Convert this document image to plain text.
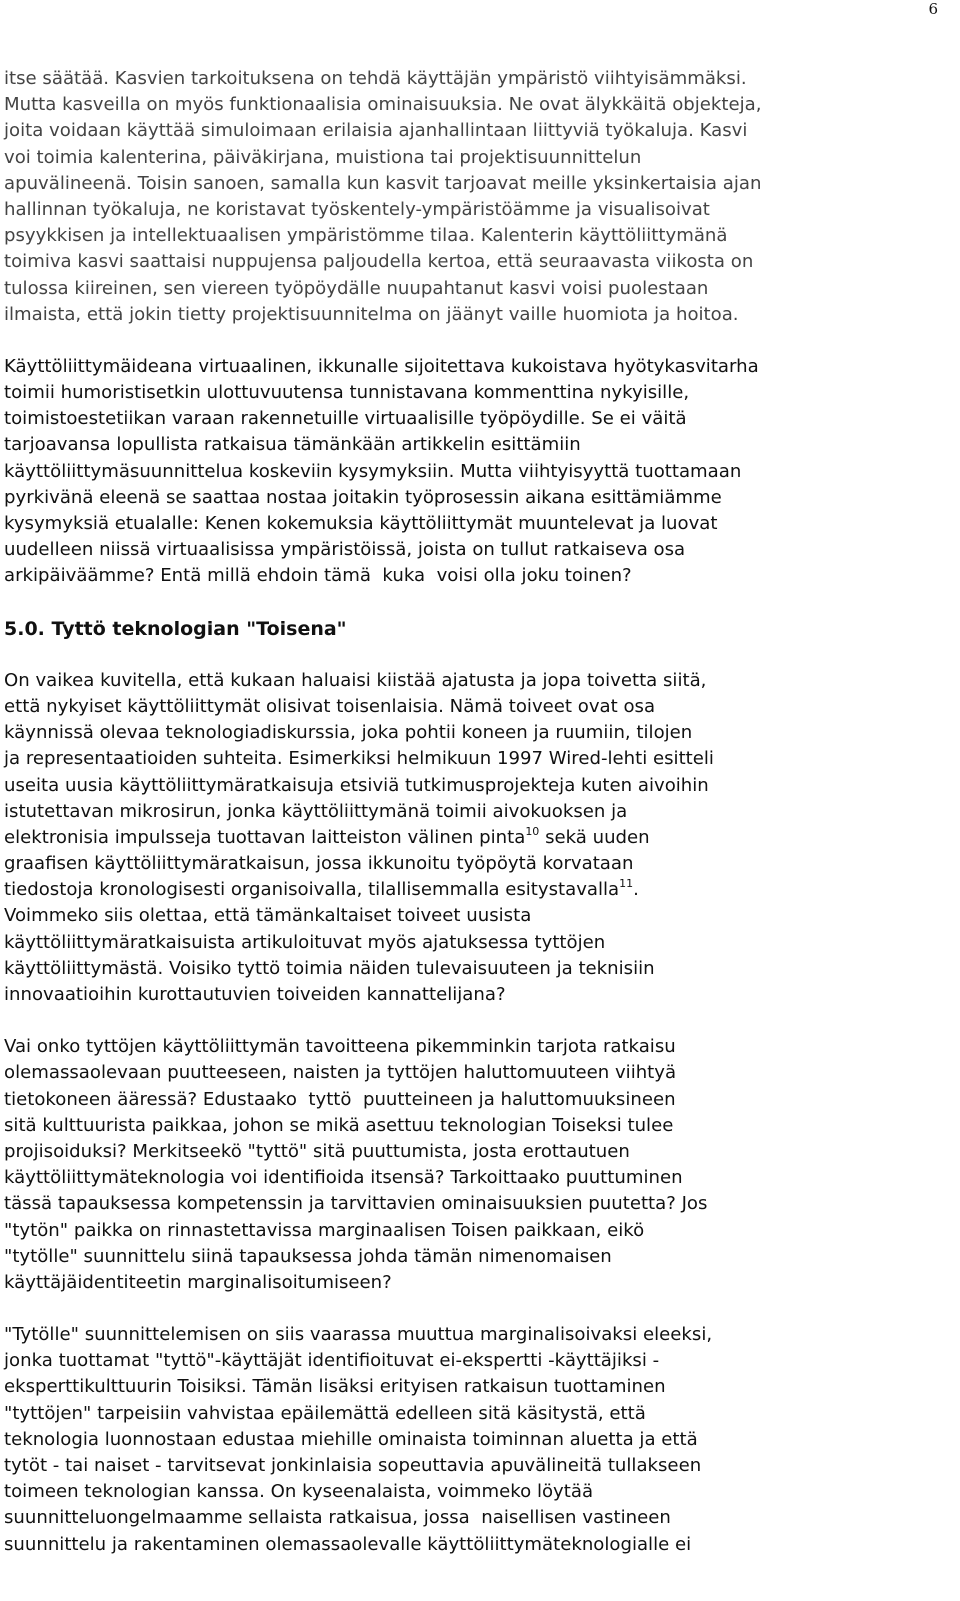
6
itse säätää. Kasvien tarkoituksena on tehdä käyttäjän ympäristö viihtyisämmäksi.
Mutta kasveilla on myös funktionaalisia ominaisuuksia. Ne ovat älykkäitä objekteja,
joita voidaan käyttää simuloimaan erilaisia ajanhallintaan liittyviä työkaluja. Kasvi
voi toimia kalenterina, päiväkirjana, muistiona tai projektisuunnittelun
apuvälineenä. Toisin sanoen, samalla kun kasvit tarjoavat meille yksinkertaisia ajan
hallinnan työkaluja, ne koristavat työskentely-ympäristöämme ja visualisoivat
psyykkisen ja intellektuaalisen ympäristömme tilaa. Kalenterin käyttöliittymänä
toimiva kasvi saattaisi nuppujensa paljoudella kertoa, että seuraavasta viikosta on
tulossa kiireinen, sen viereen työpöydälle nuupahtanut kasvi voisi puolestaan
ilmaista, että jokin tietty projektisuunnitelma on jäänyt vaille huomiota ja hoitoa.
Käyttöliittymäideana virtuaalinen, ikkunalle sijoitettava kukoistava hyötykasvitarha
toimii humoristisetkin ulottuvuutensa tunnistavana kommenttina nykyisille,
toimistoestetiikan varaan rakennetuille virtuaalisille työpöydille. Se ei väitä
tarjoavansa lopullista ratkaisua tämänkään artikkelin esittämiin
käyttöliittymäsuunnittelua koskeviin kysymyksiin. Mutta viihtyisyyttä tuottamaan
pyrkivänä eleenä se saattaa nostaa joitakin työprosessin aikana esittämiämme
kysymyksiä etualalle: Kenen kokemuksia käyttöliittymät muuntelevat ja luovat
uudelleen niissä virtuaalisissa ympäristöissä, joista on tullut ratkaiseva osa
arkipäiväämme? Entä millä ehdoin tämä  kuka  voisi olla joku toinen?
5.0. Tyttö teknologian "Toisena"
On vaikea kuvitella, että kukaan haluaisi kiistää ajatusta ja jopa toivetta siitä,
että nykyiset käyttöliittymät olisivat toisenlaisia. Nämä toiveet ovat osa
käynnissä olevaa teknologiadiskurssia, joka pohtii koneen ja ruumiin, tilojen
ja representaatioiden suhteita. Esimerkiksi helmikuun 1997 Wired-lehti esitteli
useita uusia käyttöliittymäratkaisuja etsiviä tutkimusprojekteja kuten aivoihin
istutettavan mikrosirun, jonka käyttöliittymänä toimii aivokuoksen ja
elektronisia impulsseja tuottavan laitteiston välinen pinta$^{10}$ sekä uuden
graafisen käyttöliittymäratkaisun, jossa ikkunoitu työpöytä korvataan
tiedostoja kronologisesti organisoivalla, tilallisemmalla esitystavalla$^{11}$.
Voimmeko siis olettaa, että tämänkaltaiset toiveet uusista
käyttöliittymäratkaisuista artikuloituvat myös ajatuksessa tyttöjen
käyttöliittymästä. Voisiko tyttö toimia näiden tulevaisuuteen ja teknisiin
innovaatioihin kurottautuvien toiveiden kannattelijana?
Vai onko tyttöjen käyttöliittymän tavoitteena pikemminkin tarjota ratkaisu
olemassaolevaan puutteeseen, naisten ja tyttöjen haluttomuuteen viihtyä
tietokoneen ääressä? Edustaako  tyttö  puutteineen ja haluttomuuksineen
sitä kulttuurista paikkaa, johon se mikä asettuu teknologian Toiseksi tulee
projisoiduksi? Merkitseekö "tyttö" sitä puuttumista, josta erottautuen
käyttöliittymäteknologia voi identifioida itsensä? Tarkoittaako puuttuminen
tässä tapauksessa kompetenssin ja tarvittavien ominaisuuksien puutetta? Jos
"tytön" paikka on rinnastettavissa marginaalisen Toisen paikkaan, eikö
"tytölle" suunnittelu siinä tapauksessa johda tämän nimenomaisen
käyttäjäidentiteetin marginalisoitumiseen?
"Tytölle" suunnittelemisen on siis vaarassa muuttua marginalisoivaksi eleeksi,
jonka tuottamat "tyttö"-käyttäjät identifioituvat ei-ekspertti -käyttäjiksi -
eksperttikulttuurin Toisiksi. Tämän lisäksi erityisen ratkaisun tuottaminen
"tyttöjen" tarpeisiin vahvistaa epäilemättä edelleen sitä käsitystä, että
teknologia luonnostaan edustaa miehille ominaista toiminnan aluetta ja että
tytöt - tai naiset - tarvitsevat jonkinlaisia sopeuttavia apuvälineitä tullakseen
toimeen teknologian kanssa. On kyseenalaista, voimmeko löytää
suunnitteluongelmaamme sellaista ratkaisua, jossa  naisellisen vastineen
suunnittelu ja rakentaminen olemassaolevalle käyttöliittymäteknologialle ei
